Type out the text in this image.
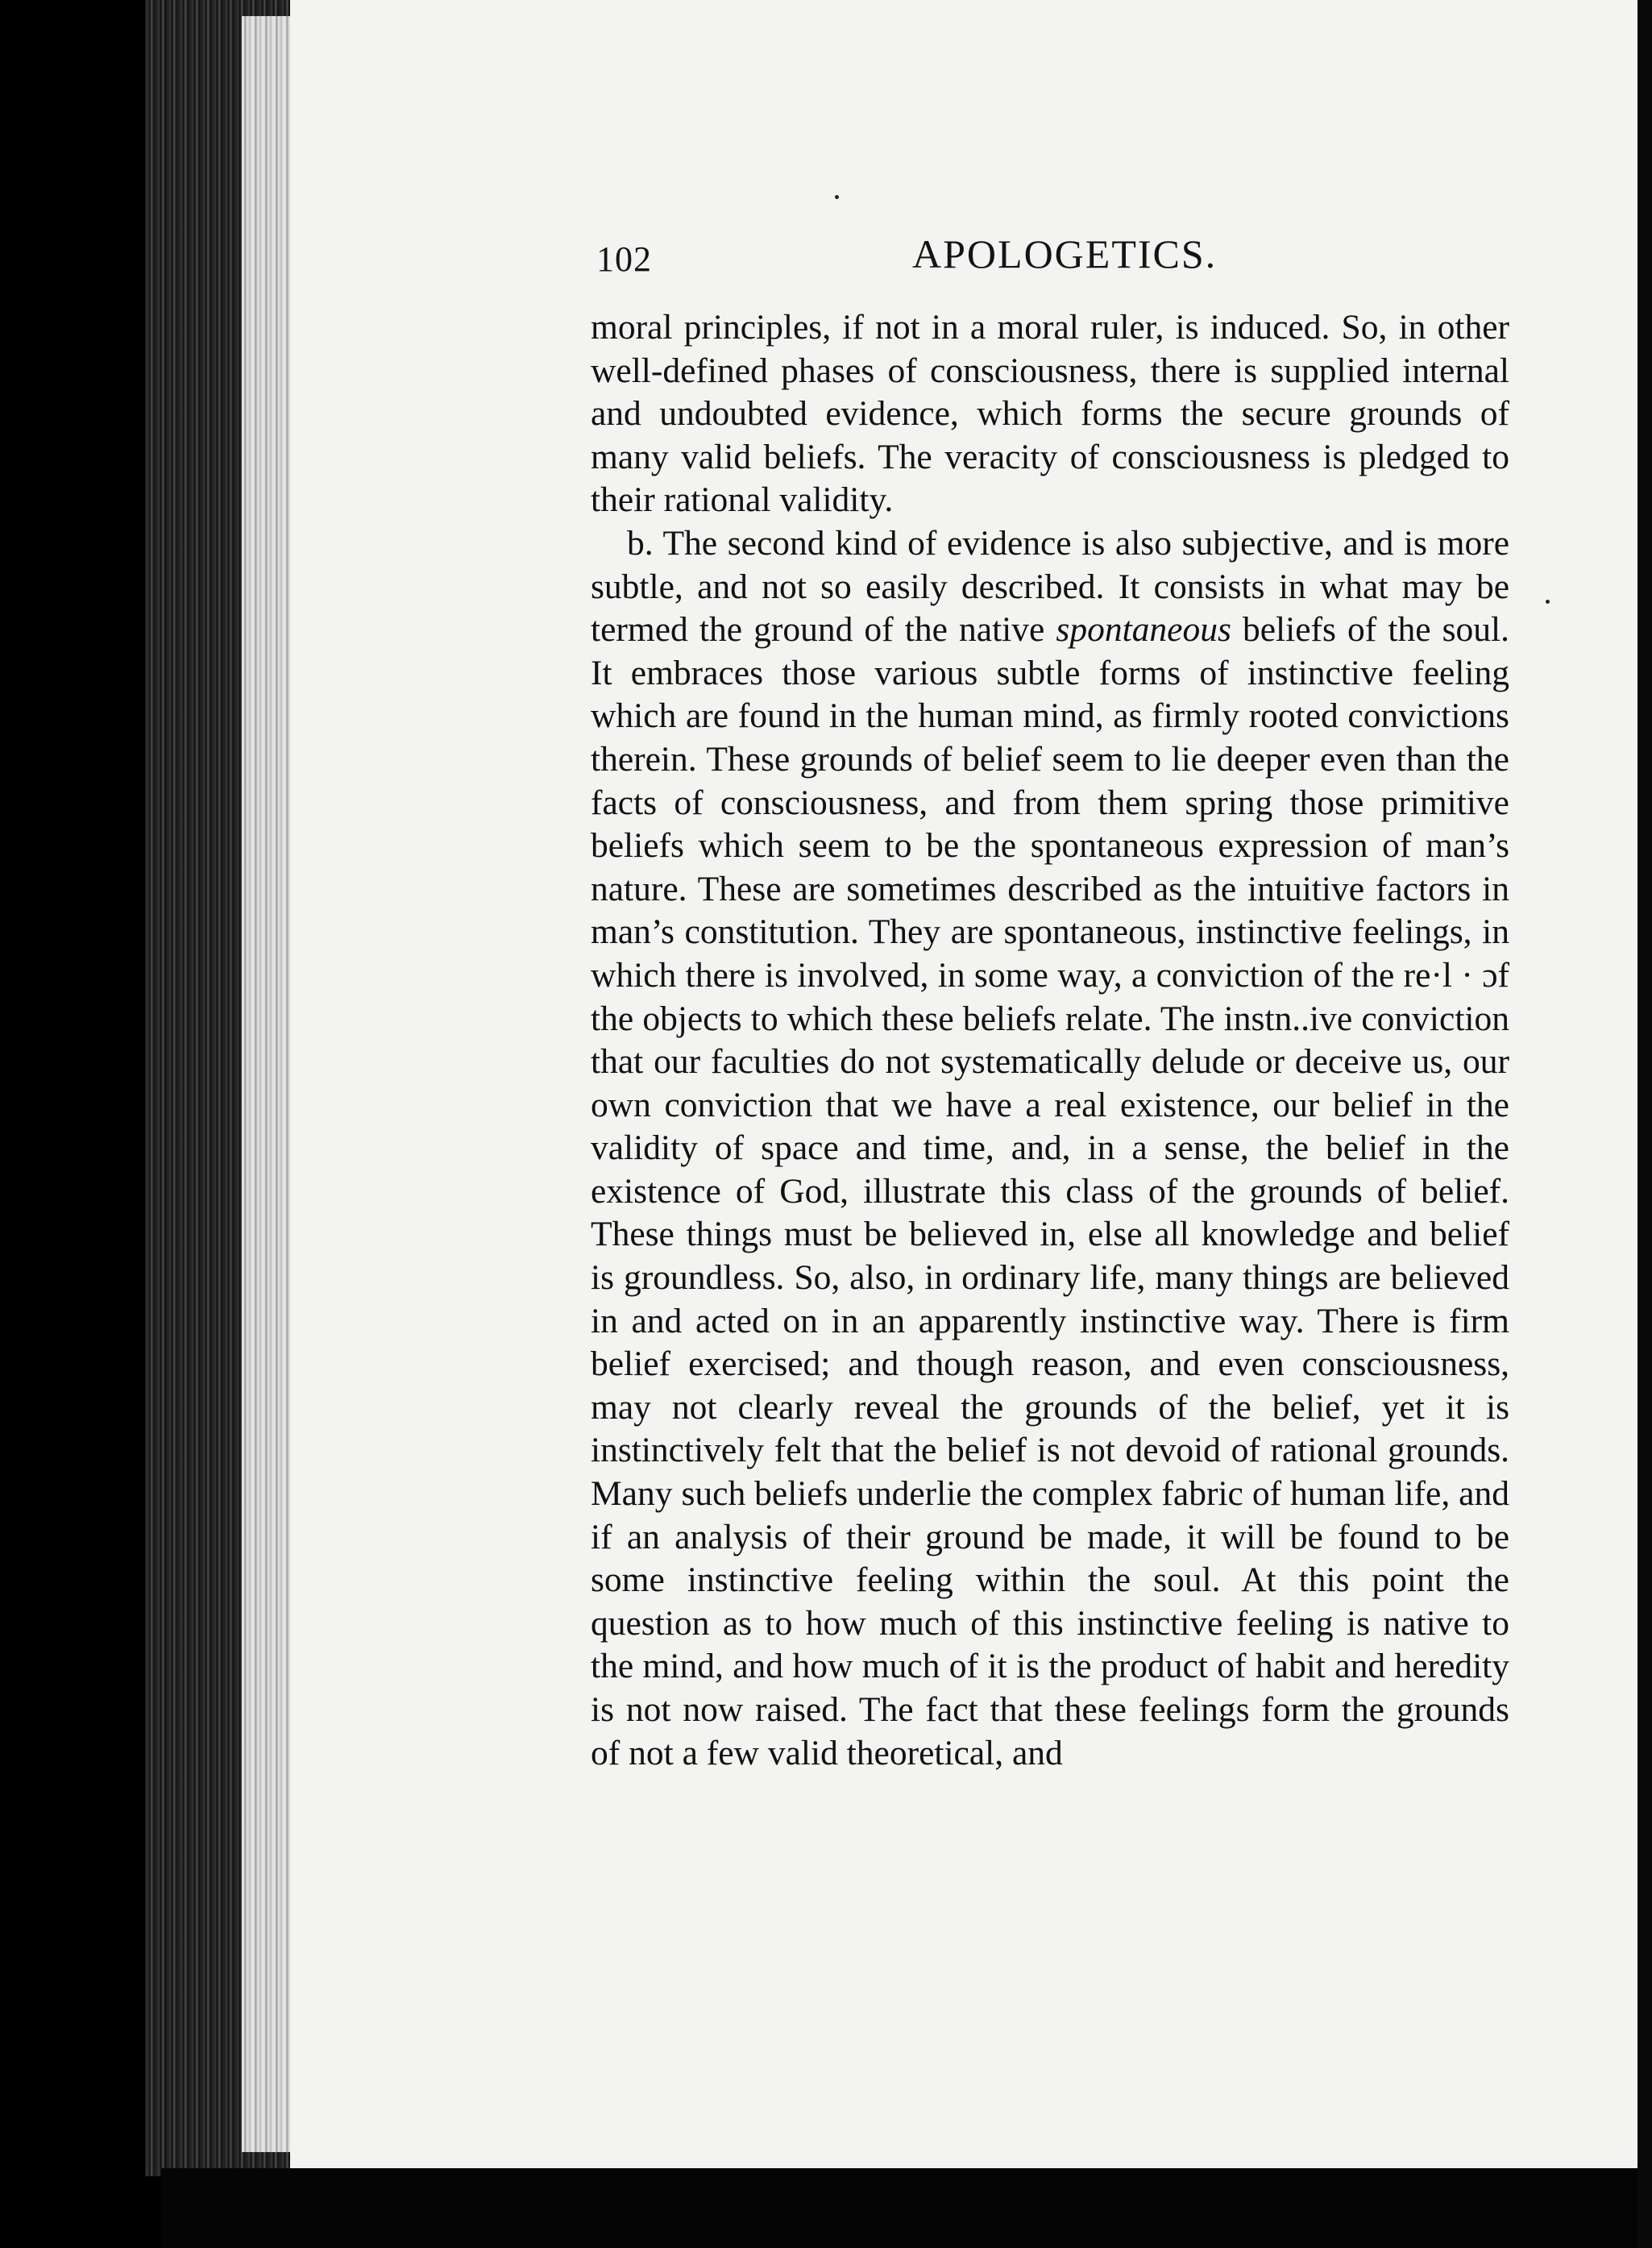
102	APOLOGETICS.

moral principles, if not in a moral ruler, is induced. So, in other well-defined phases of consciousness, there is supplied internal and undoubted evidence, which forms the secure grounds of many valid beliefs. The veracity of consciousness is pledged to their rational validity.

b. The second kind of evidence is also subjective, and is more subtle, and not so easily described. It consists in what may be termed the ground of the native spontaneous beliefs of the soul. It embraces those various subtle forms of instinctive feeling which are found in the human mind, as firmly rooted convictions therein. These grounds of belief seem to lie deeper even than the facts of consciousness, and from them spring those primitive beliefs which seem to be the spontaneous expression of man’s nature. These are sometimes described as the intuitive factors in man’s constitution. They are spontaneous, instinctive feelings, in which there is involved, in some way, a conviction of the re·l · ɔf the objects to which these beliefs relate. The instn..ive conviction that our faculties do not systematically delude or deceive us, our own conviction that we have a real existence, our belief in the validity of space and time, and, in a sense, the belief in the existence of God, illustrate this class of the grounds of belief. These things must be believed in, else all knowledge and belief is groundless. So, also, in ordinary life, many things are believed in and acted on in an apparently instinctive way. There is firm belief exercised; and though reason, and even consciousness, may not clearly reveal the grounds of the belief, yet it is instinctively felt that the belief is not devoid of rational grounds. Many such beliefs underlie the complex fabric of human life, and if an analysis of their ground be made, it will be found to be some instinctive feeling within the soul. At this point the question as to how much of this instinctive feeling is native to the mind, and how much of it is the product of habit and heredity is not now raised. The fact that these feelings form the grounds of not a few valid theoretical, and
